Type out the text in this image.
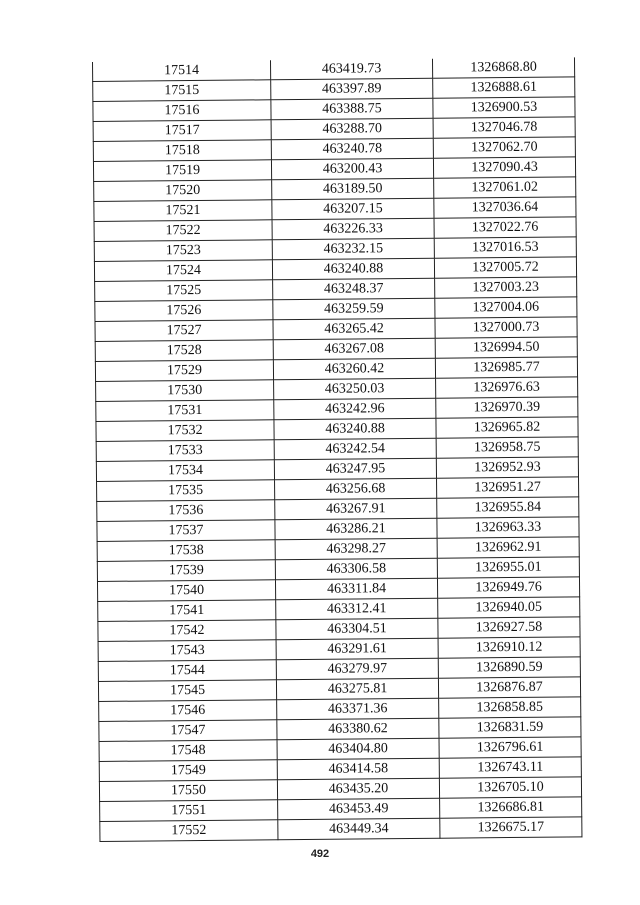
17514	463419.73	1326868.80
17515	463397.89	1326888.61
17516	463388.75	1326900.53
17517	463288.70	1327046.78
17518	463240.78	1327062.70
17519	463200.43	1327090.43
17520	463189.50	1327061.02
17521	463207.15	1327036.64
17522	463226.33	1327022.76
17523	463232.15	1327016.53
17524	463240.88	1327005.72
17525	463248.37	1327003.23
17526	463259.59	1327004.06
17527	463265.42	1327000.73
17528	463267.08	1326994.50
17529	463260.42	1326985.77
17530	463250.03	1326976.63
17531	463242.96	1326970.39
17532	463240.88	1326965.82
17533	463242.54	1326958.75
17534	463247.95	1326952.93
17535	463256.68	1326951.27
17536	463267.91	1326955.84
17537	463286.21	1326963.33
17538	463298.27	1326962.91
17539	463306.58	1326955.01
17540	463311.84	1326949.76
17541	463312.41	1326940.05
17542	463304.51	1326927.58
17543	463291.61	1326910.12
17544	463279.97	1326890.59
17545	463275.81	1326876.87
17546	463371.36	1326858.85
17547	463380.62	1326831.59
17548	463404.80	1326796.61
17549	463414.58	1326743.11
17550	463435.20	1326705.10
17551	463453.49	1326686.81
17552	463449.34	1326675.17
492
